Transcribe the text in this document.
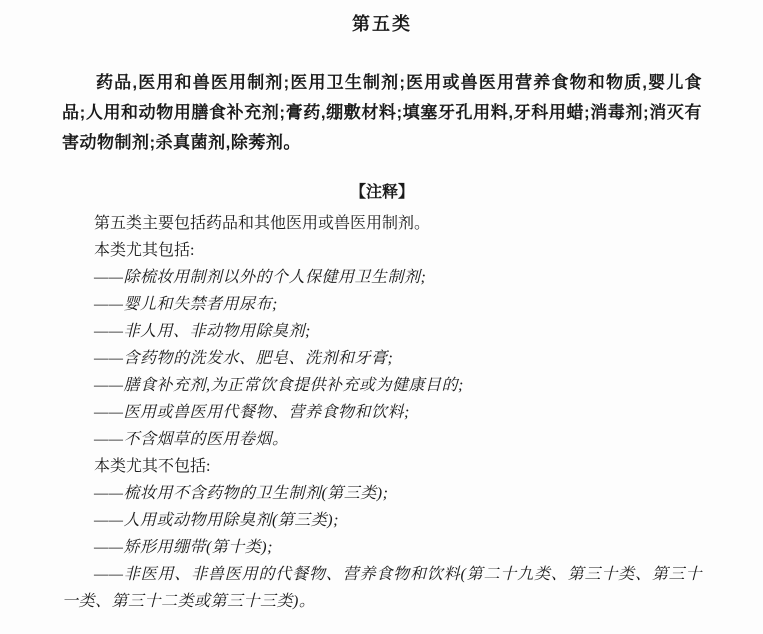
第五类

药品,医用和兽医用制剂;医用卫生制剂;医用或兽医用营养食物和物质,婴儿食品;人用和动物用膳食补充剂;膏药,绷敷材料;填塞牙孔用料,牙科用蜡;消毒剂;消灭有害动物制剂;杀真菌剂,除莠剂。

【注释】

第五类主要包括药品和其他医用或兽医用制剂。

本类尤其包括:

——除梳妆用制剂以外的个人保健用卫生制剂;

——婴儿和失禁者用尿布;

——非人用、非动物用除臭剂;

——含药物的洗发水、肥皂、洗剂和牙膏;

——膳食补充剂,为正常饮食提供补充或为健康目的;

——医用或兽医用代餐物、营养食物和饮料;

——不含烟草的医用卷烟。

本类尤其不包括:

——梳妆用不含药物的卫生制剂(第三类);

——人用或动物用除臭剂(第三类);

——矫形用绷带(第十类);

——非医用、非兽医用的代餐物、营养食物和饮料(第二十九类、第三十类、第三十一类、第三十二类或第三十三类)。
